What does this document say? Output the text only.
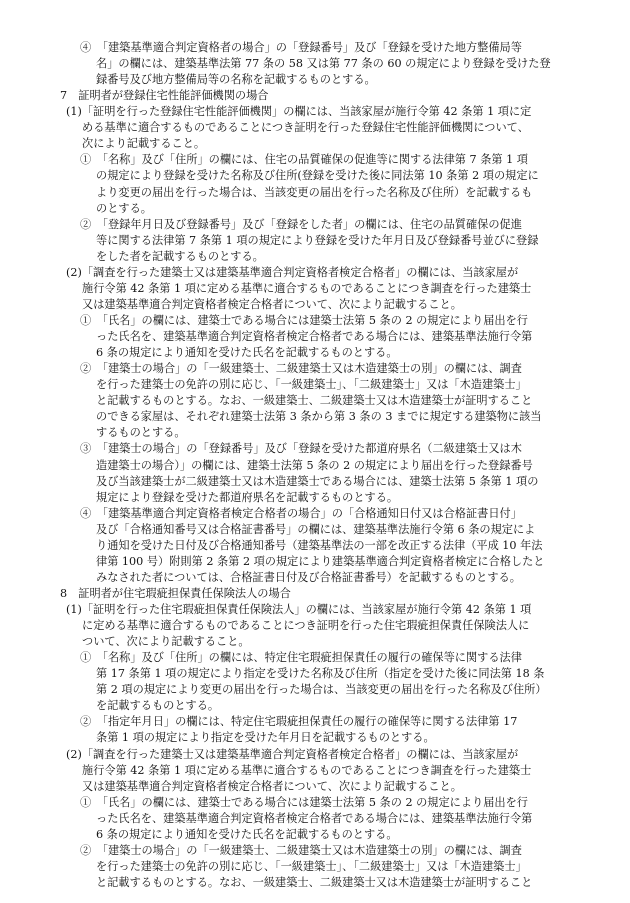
④　「建築基準適合判定資格者の場合」の「登録番号」及び「登録を受けた地方整備局等
名」の欄には、建築基準法第 77 条の 58 又は第 77 条の 60 の規定により登録を受けた登
録番号及び地方整備局等の名称を記載するものとする。
7　証明者が登録住宅性能評価機関の場合
(1)「証明を行った登録住宅性能評価機関」の欄には、当該家屋が施行令第 42 条第 1 項に定
める基準に適合するものであることにつき証明を行った登録住宅性能評価機関について、
次により記載すること。
①　「名称」及び「住所」の欄には、住宅の品質確保の促進等に関する法律第 7 条第 1 項
の規定により登録を受けた名称及び住所(登録を受けた後に同法第 10 条第 2 項の規定に
より変更の届出を行った場合は、当該変更の届出を行った名称及び住所）を記載するも
のとする。
②　「登録年月日及び登録番号」及び「登録をした者」の欄には、住宅の品質確保の促進
等に関する法律第 7 条第 1 項の規定により登録を受けた年月日及び登録番号並びに登録
をした者を記載するものとする。
(2)「調査を行った建築士又は建築基準適合判定資格者検定合格者」の欄には、当該家屋が
施行令第 42 条第 1 項に定める基準に適合するものであることにつき調査を行った建築士
又は建築基準適合判定資格者検定合格者について、次により記載すること。
①　「氏名」の欄には、建築士である場合には建築士法第 5 条の 2 の規定により届出を行
った氏名を、建築基準適合判定資格者検定合格者である場合には、建築基準法施行令第
6 条の規定により通知を受けた氏名を記載するものとする。
②　「建築士の場合」の「一級建築士、二級建築士又は木造建築士の別」の欄には、調査
を行った建築士の免許の別に応じ、「一級建築士」、「二級建築士」又は「木造建築士」
と記載するものとする。なお、一級建築士、二級建築士又は木造建築士が証明すること
のできる家屋は、それぞれ建築士法第 3 条から第 3 条の 3 までに規定する建築物に該当
するものとする。
③　「建築士の場合」の「登録番号」及び「登録を受けた都道府県名（二級建築士又は木
造建築士の場合）」の欄には、建築士法第 5 条の 2 の規定により届出を行った登録番号
及び当該建築士が二級建築士又は木造建築士である場合には、建築士法第 5 条第 1 項の
規定により登録を受けた都道府県名を記載するものとする。
④　「建築基準適合判定資格者検定合格者の場合」の「合格通知日付又は合格証書日付」
及び「合格通知番号又は合格証書番号」の欄には、建築基準法施行令第 6 条の規定によ
り通知を受けた日付及び合格通知番号（建築基準法の一部を改正する法律（平成 10 年法
律第 100 号）附則第 2 条第 2 項の規定により建築基準適合判定資格者検定に合格したと
みなされた者については、合格証書日付及び合格証書番号）を記載するものとする。
8　証明者が住宅瑕疵担保責任保険法人の場合
(1)「証明を行った住宅瑕疵担保責任保険法人」の欄には、当該家屋が施行令第 42 条第 1 項
に定める基準に適合するものであることにつき証明を行った住宅瑕疵担保責任保険法人に
ついて、次により記載すること。
①　「名称」及び「住所」の欄には、特定住宅瑕疵担保責任の履行の確保等に関する法律
第 17 条第 1 項の規定により指定を受けた名称及び住所（指定を受けた後に同法第 18 条
第 2 項の規定により変更の届出を行った場合は、当該変更の届出を行った名称及び住所）
を記載するものとする。
②　「指定年月日」の欄には、特定住宅瑕疵担保責任の履行の確保等に関する法律第 17
条第 1 項の規定により指定を受けた年月日を記載するものとする。
(2)「調査を行った建築士又は建築基準適合判定資格者検定合格者」の欄には、当該家屋が
施行令第 42 条第 1 項に定める基準に適合するものであることにつき調査を行った建築士
又は建築基準適合判定資格者検定合格者について、次により記載すること。
①　「氏名」の欄には、建築士である場合には建築士法第 5 条の 2 の規定により届出を行
った氏名を、建築基準適合判定資格者検定合格者である場合には、建築基準法施行令第
6 条の規定により通知を受けた氏名を記載するものとする。
②　「建築士の場合」の「一級建築士、二級建築士又は木造建築士の別」の欄には、調査
を行った建築士の免許の別に応じ、「一級建築士」、「二級建築士」又は「木造建築士」
と記載するものとする。なお、一級建築士、二級建築士又は木造建築士が証明すること
